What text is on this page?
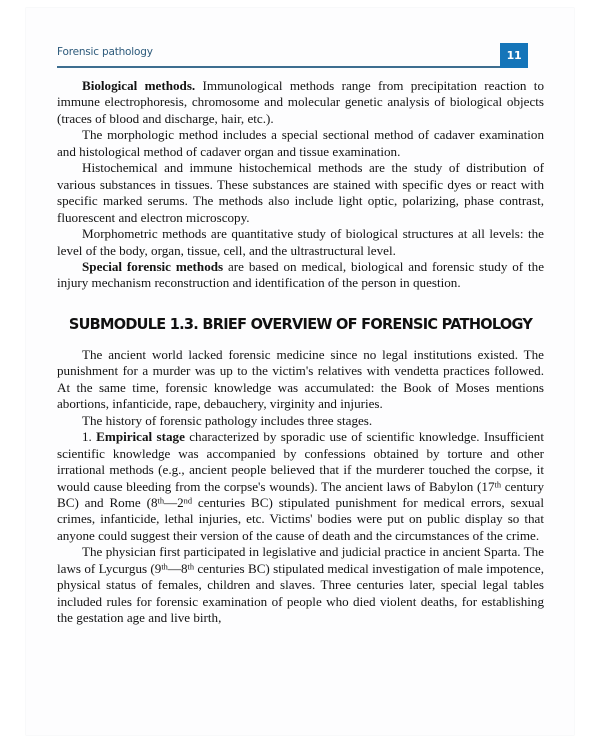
Forensic pathology	11

Biological methods. Immunological methods range from precipitation reaction to immune electrophoresis, chromosome and molecular genetic analysis of biological objects (traces of blood and discharge, hair, etc.).

The morphologic method includes a special sectional method of cadaver examination and histological method of cadaver organ and tissue examination.

Histochemical and immune histochemical methods are the study of distribution of various substances in tissues. These substances are stained with specific dyes or react with specific marked serums. The methods also include light optic, polarizing, phase contrast, fluorescent and electron microscopy.

Morphometric methods are quantitative study of biological structures at all levels: the level of the body, organ, tissue, cell, and the ultrastructural level.

Special forensic methods are based on medical, biological and forensic study of the injury mechanism reconstruction and identification of the person in question.

SUBMODULE 1.3. BRIEF OVERVIEW OF FORENSIC PATHOLOGY

The ancient world lacked forensic medicine since no legal institutions existed. The punishment for a murder was up to the victim's relatives with vendetta practices followed. At the same time, forensic knowledge was accumulated: the Book of Moses mentions abortions, infanticide, rape, debauchery, virginity and injuries.

The history of forensic pathology includes three stages.

1. Empirical stage characterized by sporadic use of scientific knowledge. Insufficient scientific knowledge was accompanied by confessions obtained by torture and other irrational methods (e.g., ancient people believed that if the murderer touched the corpse, it would cause bleeding from the corpse's wounds). The ancient laws of Babylon (17th century BC) and Rome (8th—2nd centuries BC) stipulated punishment for medical errors, sexual crimes, infanticide, lethal injuries, etc. Victims' bodies were put on public display so that anyone could suggest their version of the cause of death and the circumstances of the crime.

The physician first participated in legislative and judicial practice in ancient Sparta. The laws of Lycurgus (9th—8th centuries BC) stipulated medical investigation of male impotence, physical status of females, children and slaves. Three centuries later, special legal tables included rules for forensic examination of people who died violent deaths, for establishing the gestation age and live birth,
